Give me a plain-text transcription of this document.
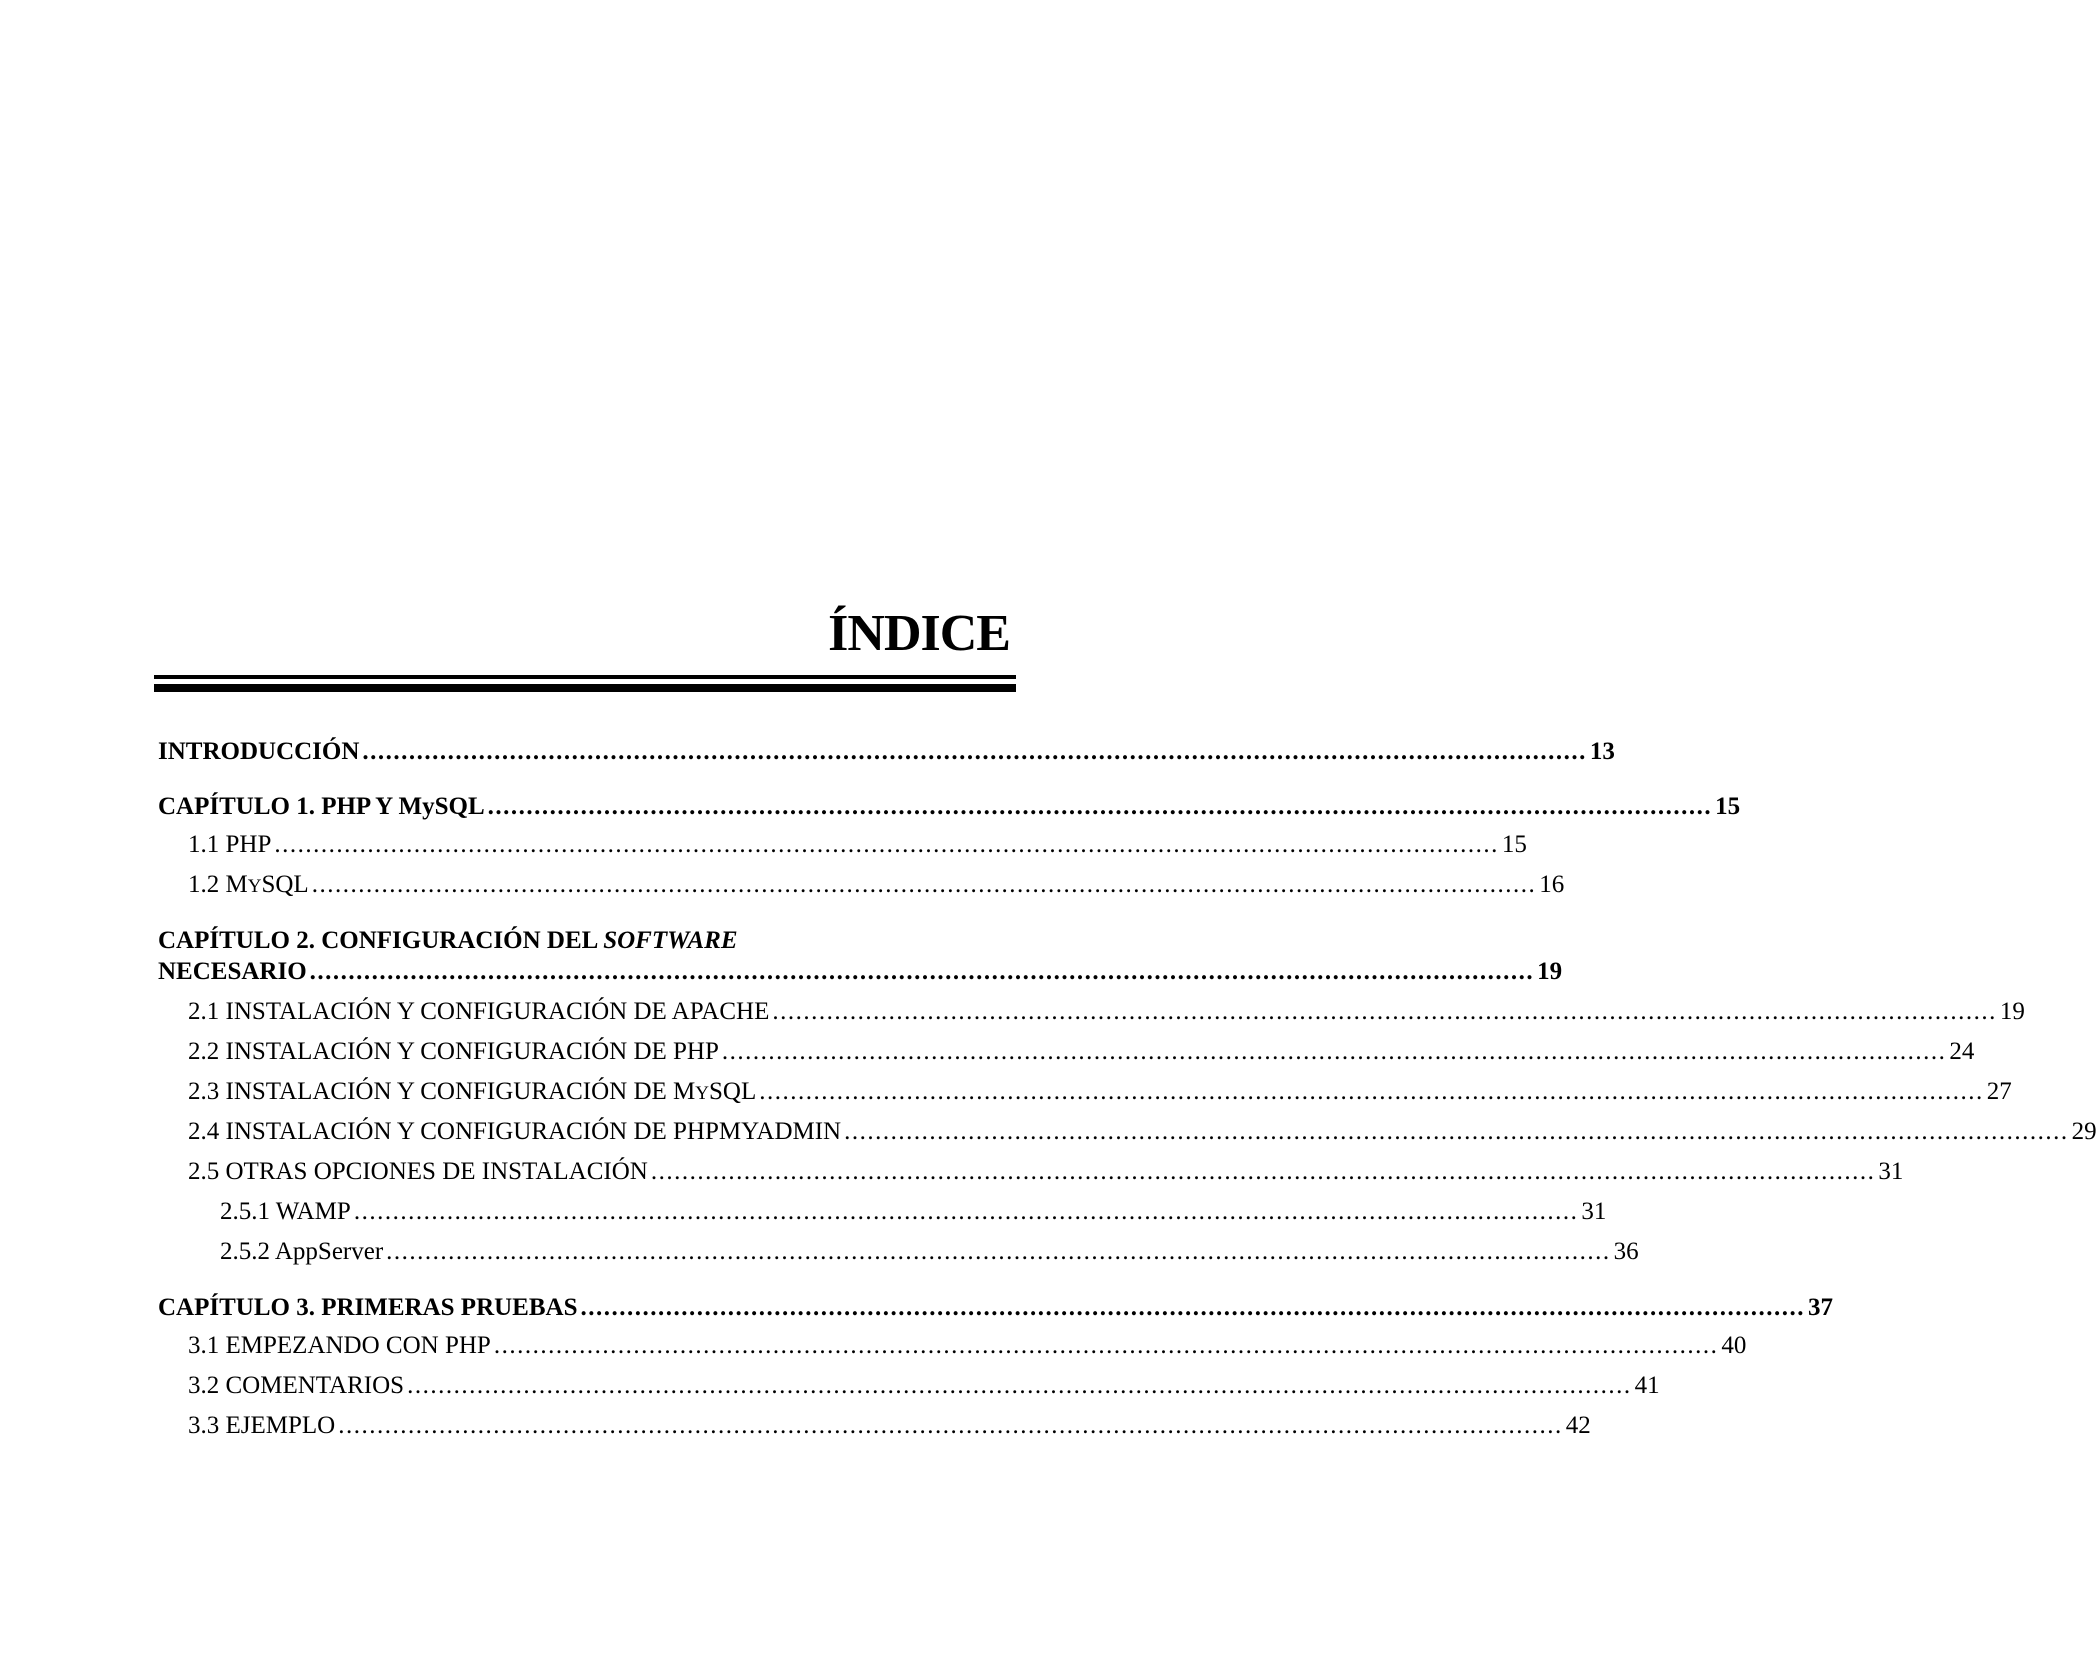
ÍNDICE
INTRODUCCIÓN .............................................................................................................................................................. 13
CAPÍTULO 1. PHP Y MySQL .............................................................................................................................................................. 15
1.1 PHP .............................................................................................................................................................. 15
1.2 MYSQL .............................................................................................................................................................. 16
CAPÍTULO 2. CONFIGURACIÓN DEL SOFTWARE
NECESARIO .............................................................................................................................................................. 19
2.1 INSTALACIÓN Y CONFIGURACIÓN DE APACHE .............................................................................................................................................................. 19
2.2 INSTALACIÓN Y CONFIGURACIÓN DE PHP .............................................................................................................................................................. 24
2.3 INSTALACIÓN Y CONFIGURACIÓN DE MYSQL .............................................................................................................................................................. 27
2.4 INSTALACIÓN Y CONFIGURACIÓN DE PHPMYADMIN .............................................................................................................................................................. 29
2.5 OTRAS OPCIONES DE INSTALACIÓN .............................................................................................................................................................. 31
2.5.1 WAMP .............................................................................................................................................................. 31
2.5.2 AppServer .............................................................................................................................................................. 36
CAPÍTULO 3. PRIMERAS PRUEBAS .............................................................................................................................................................. 37
3.1 EMPEZANDO CON PHP .............................................................................................................................................................. 40
3.2 COMENTARIOS .............................................................................................................................................................. 41
3.3 EJEMPLO .............................................................................................................................................................. 42
